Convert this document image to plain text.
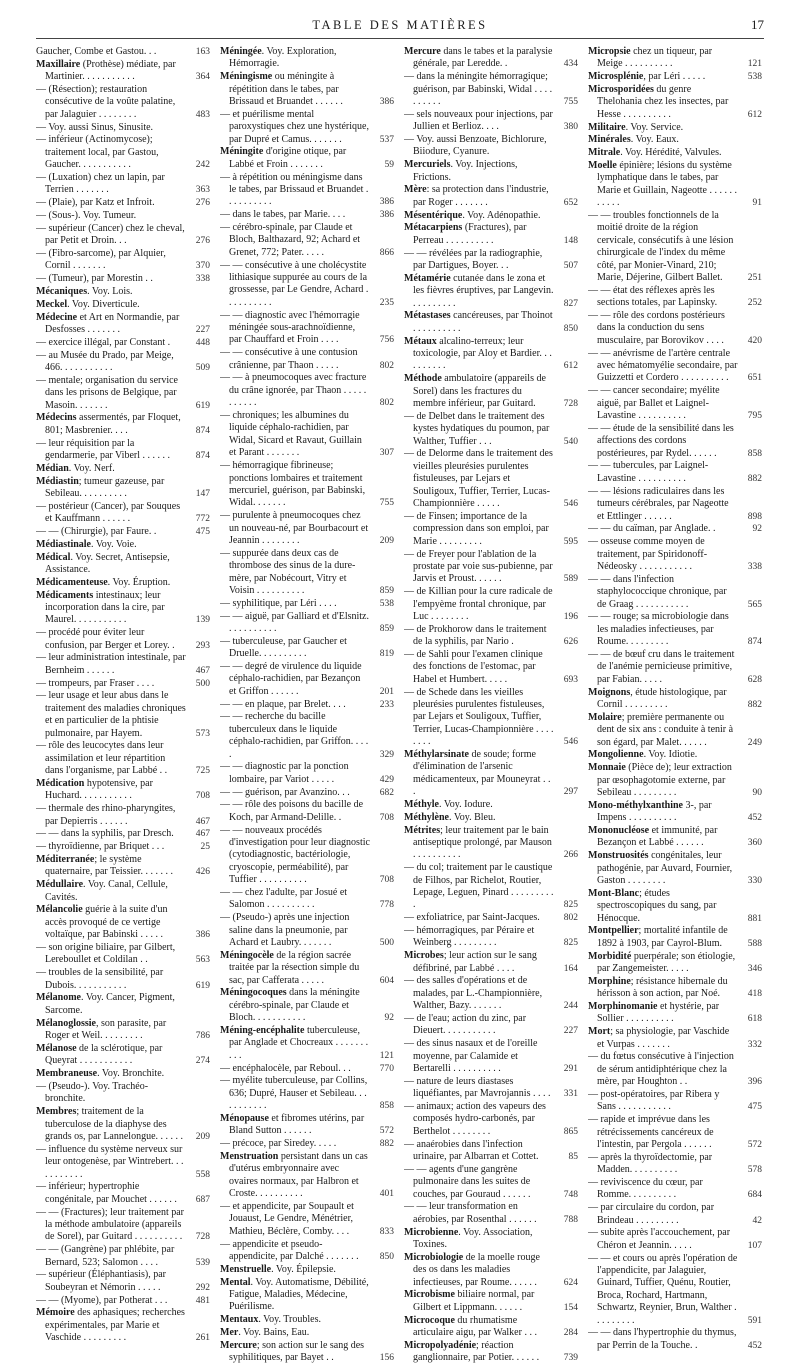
TABLE DES MATIÈRES	17
Gaucher, Combe et Gastou. . .	163
Maxillaire (Prothèse) médiate, par Martinier. . . . . . . . . . .	364
— (Résection); restauration consécutive de la voûte palatine, par Jalaguier . . . . . . . .	483
— Voy. aussi Sinus, Sinusite.
— inférieur (Actinomycose); traitement local, par Gastou, Gaucher. . . . . . . . . . .	242
— (Luxation) chez un lapin, par Terrien . . . . . . .	363
— (Plaie), par Katz et Infroit.	276
— (Sous-). Voy. Tumeur.
— supérieur (Cancer) chez le cheval, par Petit et Droin. . .	276
— (Fibro-sarcome), par Alquier, Cornil . . . . . . .	370
— (Tumeur), par Morestin . .	338
Mécaniques. Voy. Lois.
Meckel. Voy. Diverticule.
Médecine et Art en Normandie, par Desfosses . . . . . . .	227
— exercice illégal, par Constant .	448
— au Musée du Prado, par Meige, 466. . . . . . . . . . .	509
— mentale; organisation du service dans les prisons de Belgique, par Masoin. . . . . . .	619
Médecins assermentés, par Floquet, 801; Masbrenier. . . .	874
— leur réquisition par la gendarmerie, par Viberl . . . . . .	874
Médian. Voy. Nerf.
Médiastin; tumeur gazeuse, par Sebileau. . . . . . . . . .	147
— postérieur (Cancer), par Souques et Kauffmann . . . . . .	772
— — (Chirurgie), par Faure. .	475
Médiastinale. Voy. Voie.
Médical. Voy. Secret, Antisepsie, Assistance.
Médicamenteuse. Voy. Éruption.
Médicaments intestinaux; leur incorporation dans la cire, par Maurel. . . . . . . . . . .	139
— procédé pour éviter leur confusion, par Berger et Lorey. . 293
— leur administration intestinale, par Bernheim . . . . . .	467
— trompeurs, par Fraser . . . .	500
— leur usage et leur abus dans le traitement des maladies chroniques et en particulier de la phtisie pulmonaire, par Hayem.	573
— rôle des leucocytes dans leur assimilation et leur répartition dans l'organisme, par Labbé . .	725
Médication hypotensive, par Huchard. . . . . . . . . . .	708
— thermale des rhino-pharyngites, par Depierris . . . . . .	467
— — dans la syphilis, par Dresch. 467
— thyroïdienne, par Briquet . . .	25
Méditerranée; le système quaternaire, par Teissier. . . . . . . 426
Médullaire. Voy. Canal, Cellule, Cavités.
Mélancolie guérie à la suite d'un accès provoqué de ce vertige voltaïque, par Babinski . . . . .	386
— son origine biliaire, par Gilbert, Lereboullet et Coldilan . .	563
— troubles de la sensibilité, par Dubois. . . . . . . . . . .	619
Mélanome. Voy. Cancer, Pigment, Sarcome.
Mélanoglossie, son parasite, par Roger et Weil. . . . . . . . .	786
Mélanose de la sclérotique, par Queyrat . . . . . . . . . . .	274
Membraneuse. Voy. Bronchite.
— (Pseudo-). Voy. Trachéo-bronchite.
Membres; traitement de la tuberculose de la diaphyse des grands os, par Lannelongue. . . . . . 209
— influence du système nerveux sur leur ontogenèse, par Wintrebert. . . . . . . . . . .	558
— inférieur; hypertrophie congénitale, par Mouchet . . . . . . 687
— — (Fractures); leur traitement par la méthode ambulatoire (appareils de Sorel), par Guitard . . . . . . . . . . 728
— — (Gangrène) par phlébite, par Bernard, 523; Salomon . . . .	539
— supérieur (Éléphantiasis), par Soubeyran et Némorin . . . . .	292
— — (Myome), par Potherat . . .	481
Mémoire des aphasiques; recherches expérimentales, par Marie et Vaschide . . . . . . . . .	261
Méningée. Voy. Exploration, Hémorragie.
Méningisme ou méningite à répétition dans le tabes, par Brissaud et Bruandet . . . . . .	386
— et puérilisme mental paroxystiques chez une hystérique, par Dupré et Camus. . . . . . .	537
Méningite d'origine otique, par Labbé et Froin . . . . . . .	59
— à répétition ou méningisme dans le tabes, par Brissaud et Bruandet . . . . . . . . . .	386
— dans le tabes, par Marie. . . .	386
— cérébro-spinale, par Claude et Bloch, Balthazard, 92; Achard et Grenet, 772; Pater. . . . .	866
— — consécutive à une cholécystite lithiasique suppurée au cours de la grossesse, par Le Gendre, Achard . . . . . . . . . .	235
— — diagnostic avec l'hémorragie méningée sous-arachnoïdienne, par Chauffard et Froin . . . .	756
— — consécutive à une contusion crânienne, par Thaon . . . . .	802
— — à pneumocoques avec fracture du crâne ignorée, par Thaon . . . . . . . . . . .	802
— chroniques; les albumines du liquide céphalo-rachidien, par Widal, Sicard et Ravaut, Guillain et Parant . . . . . . .	307
— hémorragique fibrineuse; ponctions lombaires et traitement mercuriel, guérison, par Babinski, Widal. . . . . . .	755
— purulente à pneumocoques chez un nouveau-né, par Bourbacourt et Jeannin . . . . . . . .	209
— suppurée dans deux cas de thrombose des sinus de la dure-mère, par Nobécourt, Vitry et Voisin . . . . . . . . . .	859
— syphilitique, par Léri . . . .	538
— — aiguë, par Galliard et d'Elsnitz. . . . . . . . . . .	859
— tuberculeuse, par Gaucher et Druelle. . . . . . . . . .	819
— — degré de virulence du liquide céphalo-rachidien, par Bezançon et Griffon . . . . . .	201
— — en plaque, par Brelet. . . .	233
— — recherche du bacille tuberculeux dans le liquide céphalo-rachidien, par Griffon. . . . .	329
— — diagnostic par la ponction lombaire, par Variot . . . . .	429
— — guérison, par Avanzino. . .	682
— — rôle des poisons du bacille de Koch, par Armand-Delille. .	708
— — nouveaux procédés d'investigation pour leur diagnostic (cytodiagnostic, bactériologie, cryoscopie, perméabilité), par Tuffier . . . . . . . . . .	708
— — chez l'adulte, par Josué et Salomon . . . . . . . . . .	778
— (Pseudo-) après une injection saline dans la pneumonie, par Achard et Laubry. . . . . . .	500
Méningocèle de la région sacrée traitée par la résection simple du sac, par Cafferata . . . . .	604
Méningocoques dans la méningite cérébro-spinale, par Claude et Bloch. . . . . . . . . . .	92
Méning-encéphalite tuberculeuse, par Anglade et Chocreaux . . . . . . . . . .	121
— encéphalocèle, par Reboul. . .	770
— myélite tuberculeuse, par Collins, 636; Dupré, Hauser et Sebileau. . . . . . . . . . .	858
Ménopause et fibromes utérins, par Bland Sutton . . . . . .	572
— précoce, par Siredey. . . . .	882
Menstruation persistant dans un cas d'utérus embryonnaire avec ovaires normaux, par Halbron et Croste. . . . . . . . . .	401
— et appendicite, par Soupault et Jouaust, Le Gendre, Ménétrier, Mathieu, Béclère, Comby. . . .	833
— appendicite et pseudo-appendicite, par Dalché . . . . . . . 850
Menstruelle. Voy. Épilepsie.
Mental. Voy. Automatisme, Débilité, Fatigue, Maladies, Médecine, Puérilisme.
Mentaux. Voy. Troubles.
Mer. Voy. Bains, Eau.
Mercure; son action sur le sang des syphilitiques, par Bayet . .	156
Mercure dans le tabes et la paralysie générale, par Leredde. .	434
— dans la méningite hémorragique; guérison, par Babinski, Widal . . . . . . . . . .	755
— sels nouveaux pour injections, par Jullien et Berlioz. . . .	380
— Voy. aussi Benzoate, Bichlorure, Biiodure, Cyanure.
Mercuriels. Voy. Injections, Frictions.
Mère: sa protection dans l'industrie, par Roger . . . . . . .	652
Mésentérique. Voy. Adénopathie.
Métacarpiens (Fractures), par Perreau . . . . . . . . . .	148
— — révélées par la radiographie, par Dartigues, Boyer. . .	507
Métamérie cutanée dans le zona et les fièvres éruptives, par Langevin. . . . . . . . . .	827
Métastases cancéreuses, par Thoinot . . . . . . . . . .	850
Métaux alcalino-terreux; leur toxicologie, par Aloy et Bardier. . . . . . . . . .	612
Méthode ambulatoire (appareils de Sorel) dans les fractures du membre inférieur, par Guitard.	728
— de Delbet dans le traitement des kystes hydatiques du poumon, par Walther, Tuffier . . .	540
— de Delorme dans le traitement des vieilles pleurésies purulentes fistuleuses, par Lejars et Souligoux, Tuffier, Terrier, Lucas-Championnière . . . . .	546
— de Finsen; importance de la compression dans son emploi, par Marie . . . . . . . . .	595
— de Freyer pour l'ablation de la prostate par voie sus-pubienne, par Jarvis et Proust. . . . . .	589
— de Killian pour la cure radicale de l'empyème frontal chronique, par Luc . . . . . . . .	196
— de Prokhorow dans le traitement de la syphilis, par Nario .	626
— de Sahli pour l'examen clinique des fonctions de l'estomac, par Habel et Humbert. . . . .	693
— de Schede dans les vieilles pleurésies purulentes fistuleuses, par Lejars et Souligoux, Tuffier, Terrier, Lucas-Championnière . . . . . . . .	546
Méthylarsinate de soude; forme d'élimination de l'arsenic médicamenteux, par Mouneyrat . . .	297
Méthyle. Voy. Iodure.
Méthylène. Voy. Bleu.
Métrites; leur traitement par le bain antiseptique prolongé, par Mauson . . . . . . . . . .	266
— du col; traitement par le caustique de Filhos, par Richelot, Routier, Lepage, Leguen, Pinard . . . . . . . . . .	825
— exfoliatrice, par Saint-Jacques.	802
— hémorragiques, par Péraire et Weinberg . . . . . . . . .	825
Microbes; leur action sur le sang défibriné, par Labbé . . . .	164
— des salles d'opérations et de malades, par L.-Championnière, Walther, Bazy. . . . . . .	244
— de l'eau; action du zinc, par Dieuert. . . . . . . . . . .	227
— des sinus nasaux et de l'oreille moyenne, par Calamide et Bertarelli . . . . . . . . . .	291
— nature de leurs diastases liquéfiantes, par Mavrojannis . . . . 331
— animaux; action des vapeurs des composés hydro-carbonés, par Berthelot . . . . . . . .	865
— anaérobies dans l'infection urinaire, par Albarran et Cottet.	85
— — agents d'une gangrène pulmonaire dans les suites de couches, par Gouraud . . . . . .	748
— — leur transformation en aérobies, par Rosenthal . . . . . .	788
Microbienne. Voy. Association, Toxines.
Microbiologie de la moelle rouge des os dans les maladies infectieuses, par Roume. . . . . .	624
Microbisme biliaire normal, par Gilbert et Lippmann. . . . . .	154
Microcoque du rhumatisme articulaire aigu, par Walker . . .	284
Micropolyadénie; réaction ganglionnaire, par Potier. . . . . .	739
Micropsie chez un tiqueur, par Meige . . . . . . . . . .	121
Microsplénie, par Léri . . . . .	538
Microsporidées du genre Thelohania chez les insectes, par Hesse . . . . . . . . . .	612
Militaire. Voy. Service.
Minérales. Voy. Eaux.
Mitrale. Voy. Hérédité, Valvules.
Moelle épinière; lésions du système lymphatique dans le tabes, par Marie et Guillain, Nageotte . . . . . . . . . . .	91
— — troubles fonctionnels de la moitié droite de la région cervicale, consécutifs à une lésion chirurgicale de l'index du même côté, par Monier-Vinard, 210; Marie, Déjerine, Gilbert Ballet.	251
— — état des réflexes après les sections totales, par Lapinsky.	252
— — rôle des cordons postérieurs dans la conduction du sens musculaire, par Borovikov . . . .	420
— — anévrisme de l'artère centrale avec hématomyélie secondaire, par Guizzetti et Cordero . . . . . . . . . . 651
— — cancer secondaire; myélite aiguë, par Ballet et Laignel-Lavastine . . . . . . . . . .	795
— — étude de la sensibilité dans les affections des cordons postérieures, par Rydel. . . . . .	858
— — tubercules, par Laignel-Lavastine . . . . . . . . . .	882
— — lésions radiculaires dans les tumeurs cérébrales, par Nageotte et Ettlinger . . . . . .	898
— — du caïman, par Anglade. .	92
— osseuse comme moyen de traitement, par Spiridonoff-Nédeosky . . . . . . . . . . .	338
— — dans l'infection staphylococcique chronique, par de Graag . . . . . . . . . . .	565
— — rouge; sa microbiologie dans les maladies infectieuses, par Roume. . . . . . . . .	874
— — de bœuf cru dans le traitement de l'anémie pernicieuse primitive, par Fabian. . . . .	628
Moignons, étude histologique, par Cornil . . . . . . . . .	882
Molaire; première permanente ou dent de six ans : conduite à tenir à son égard, par Malet. . . . . .	249
Mongolienne. Voy. Idiotie.
Monnaie (Pièce de); leur extraction par œsophagotomie externe, par Sebileau . . . . . . . . .	90
Mono-méthylxanthine 3-, par Impens . . . . . . . . . .	452
Mononucléose et immunité, par Bezançon et Labbé . . . . . .	360
Monstruosités congénitales, leur pathogénie, par Auvard, Fournier, Gaston . . . . . . . .	330
Mont-Blanc; études spectroscopiques du sang, par Hénocque.	881
Montpellier; mortalité infantile de 1892 à 1903, par Cayrol-Blum.	588
Morbidité puerpérale; son étiologie, par Zangemeister. . . . .	346
Morphine; résistance hibernale du hérisson à son action, par Noé.	418
Morphinomanie et hystérie, par Sollier . . . . . . . . . .	618
Mort; sa physiologie, par Vaschide et Vurpas . . . . . . .	332
— du fœtus consécutive à l'injection de sérum antidiphtérique chez la mère, par Houghton . .	396
— post-opératoires, par Ribera y Sans . . . . . . . . . . .	475
— rapide et imprévue dans les rétrécissements cancéreux de l'intestin, par Pergola . . . . . .	572
— après la thyroïdectomie, par Madden. . . . . . . . . .	578
— reviviscence du cœur, par Romme. . . . . . . . . .	684
— par circulaire du cordon, par Brindeau . . . . . . . . .	42
— subite après l'accouchement, par Chéron et Jeannin. . . . .	107
— — et cours ou après l'opération de l'appendicite, par Jalaguier, Guinard, Tuffier, Quénu, Routier, Broca, Rochard, Hartmann, Schwartz, Reynier, Brun, Walther . . . . . . . . .	591
— — dans l'hypertrophie du thymus, par Perrin de la Touche. .	452
